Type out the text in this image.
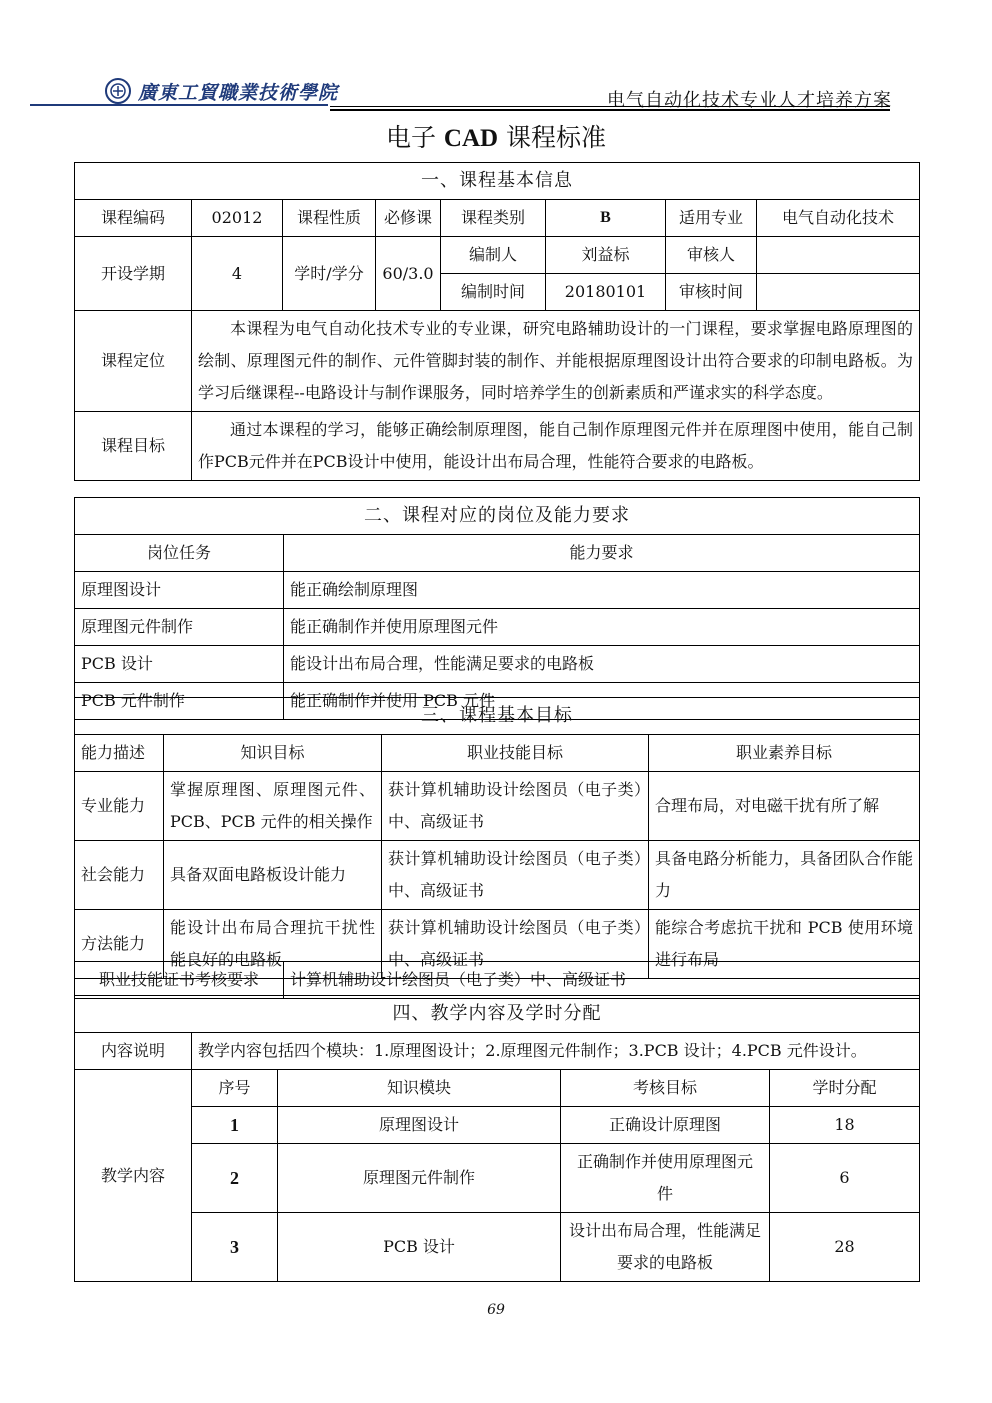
廣東工貿職業技術學院	电气自动化技术专业人才培养方案
电子 CAD 课程标准
一、课程基本信息							
课程编码	02012	课程性质	必修课	课程类别	B	适用专业	电气自动化技术
开设学期	4	学时/学分	60/3.0	编制人	刘益标	审核人	
				编制时间	20180101	审核时间	
课程定位	本课程为电气自动化技术专业的专业课，研究电路辅助设计的一门课程，要求掌握电路原理图的绘制、原理图元件的制作、元件管脚封装的制作、并能根据原理图设计出符合要求的印制电路板。为学习后继课程--电路设计与制作课服务，同时培养学生的创新素质和严谨求实的科学态度。						
课程目标	通过本课程的学习，能够正确绘制原理图，能自己制作原理图元件并在原理图中使用，能自己制作PCB元件并在PCB设计中使用，能设计出布局合理，性能符合要求的电路板。						
二、课程对应的岗位及能力要求	
岗位任务	能力要求
原理图设计	能正确绘制原理图
原理图元件制作	能正确制作并使用原理图元件
PCB 设计	能设计出布局合理，性能满足要求的电路板
PCB 元件制作	能正确制作并使用 PCB 元件
三、课程基本目标			
能力描述	知识目标	职业技能目标	职业素养目标
专业能力	掌握原理图、原理图元件、PCB、PCB 元件的相关操作	获计算机辅助设计绘图员（电子类）中、高级证书	合理布局，对电磁干扰有所了解
社会能力	具备双面电路板设计能力	获计算机辅助设计绘图员（电子类）中、高级证书	具备电路分析能力，具备团队合作能力
方法能力	能设计出布局合理抗干扰性能良好的电路板	获计算机辅助设计绘图员（电子类）中、高级证书	能综合考虑抗干扰和 PCB 使用环境进行布局
职业技能证书考核要求	计算机辅助设计绘图员（电子类）中、高级证书
四、教学内容及学时分配				
内容说明	教学内容包括四个模块：1.原理图设计；2.原理图元件制作；3.PCB 设计；4.PCB 元件设计。			
教学内容	序号	知识模块	考核目标	学时分配
	1	原理图设计	正确设计原理图	18
	2	原理图元件制作	正确制作并使用原理图元件	6
	3	PCB 设计	设计出布局合理，性能满足要求的电路板	28
69
